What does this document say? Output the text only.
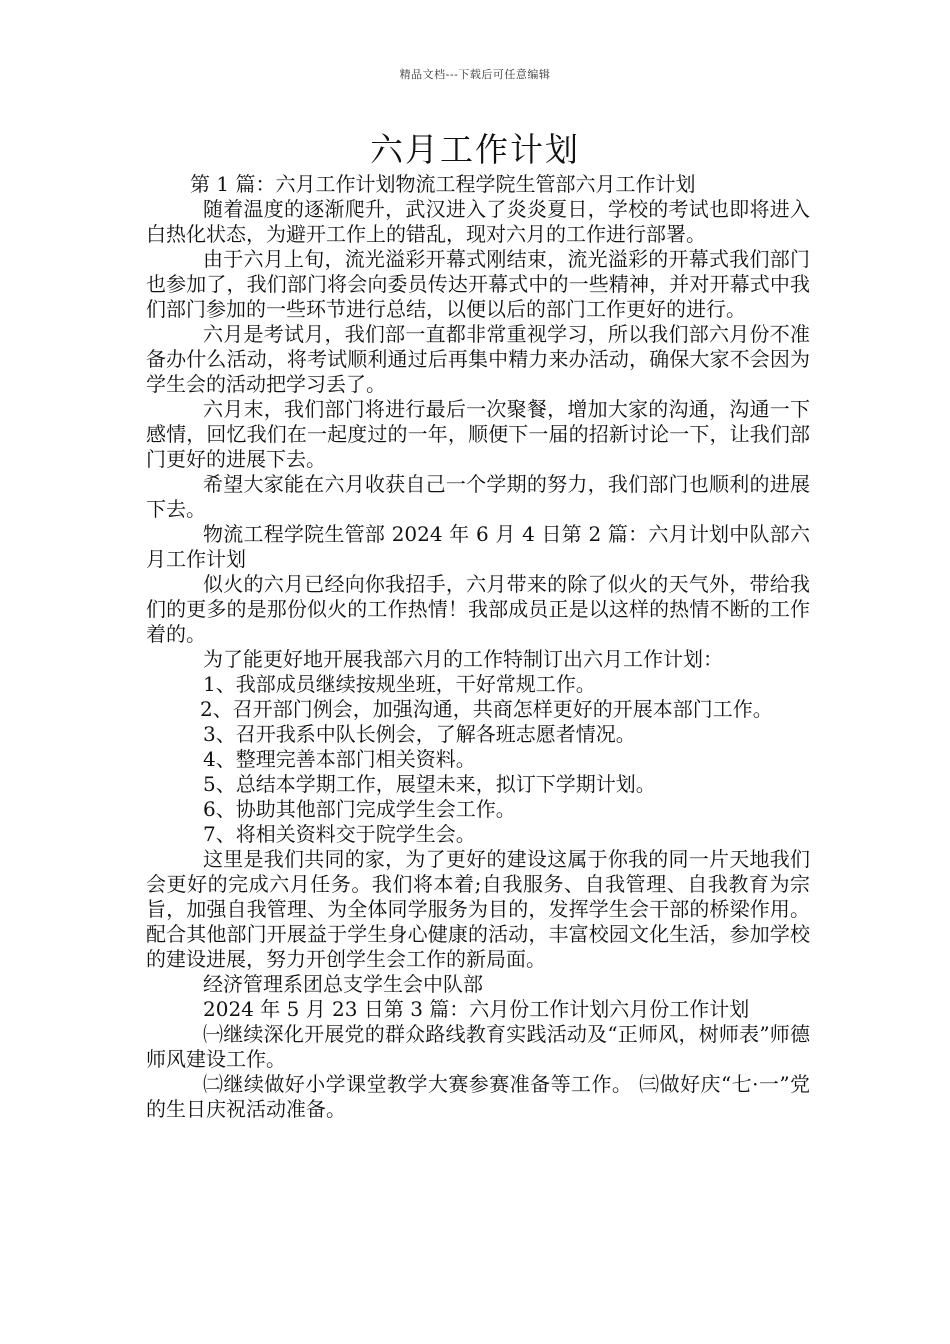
精品文档---下载后可任意编辑
六月工作计划

第 1 篇：六月工作计划物流工程学院生管部六月工作计划

随着温度的逐渐爬升，武汉进入了炎炎夏日，学校的考试也即将进入白热化状态，为避开工作上的错乱，现对六月的工作进行部署。

由于六月上旬，流光溢彩开幕式刚结束，流光溢彩的开幕式我们部门也参加了，我们部门将会向委员传达开幕式中的一些精神，并对开幕式中我们部门参加的一些环节进行总结，以便以后的部门工作更好的进行。

六月是考试月，我们部一直都非常重视学习，所以我们部六月份不准备办什么活动，将考试顺利通过后再集中精力来办活动，确保大家不会因为学生会的活动把学习丢了。

六月末，我们部门将进行最后一次聚餐，增加大家的沟通，沟通一下感情，回忆我们在一起度过的一年，顺便下一届的招新讨论一下，让我们部门更好的进展下去。

希望大家能在六月收获自己一个学期的努力，我们部门也顺利的进展下去。

物流工程学院生管部 2024 年 6 月 4 日第 2 篇：六月计划中队部六月工作计划

似火的六月已经向你我招手，六月带来的除了似火的天气外，带给我们的更多的是那份似火的工作热情！我部成员正是以这样的热情不断的工作着的。

为了能更好地开展我部六月的工作特制订出六月工作计划：

1、我部成员继续按规坐班，干好常规工作。

2、召开部门例会，加强沟通，共商怎样更好的开展本部门工作。

3、召开我系中队长例会，了解各班志愿者情况。

4、整理完善本部门相关资料。

5、总结本学期工作，展望未来，拟订下学期计划。

6、协助其他部门完成学生会工作。

7、将相关资料交于院学生会。

这里是我们共同的家，为了更好的建设这属于你我的同一片天地我们会更好的完成六月任务。我们将本着;自我服务、自我管理、自我教育为宗旨，加强自我管理、为全体同学服务为目的，发挥学生会干部的桥梁作用。配合其他部门开展益于学生身心健康的活动，丰富校园文化生活，参加学校的建设进展，努力开创学生会工作的新局面。

经济管理系团总支学生会中队部

2024 年 5 月 23 日第 3 篇：六月份工作计划六月份工作计划

㈠继续深化开展党的群众路线教育实践活动及“正师风，树师表”师德师风建设工作。

㈡继续做好小学课堂教学大赛参赛准备等工作。 ㈢做好庆“七·一”党的生日庆祝活动准备。
